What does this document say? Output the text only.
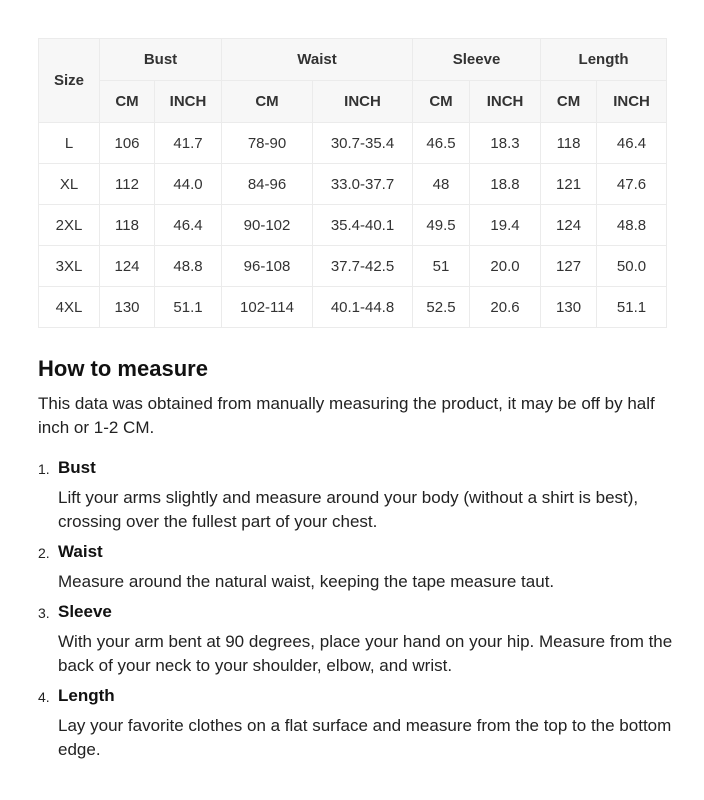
Size	Bust		Waist		Sleeve		Length	
	CM	INCH	CM	INCH	CM	INCH	CM	INCH
L	106	41.7	78-90	30.7-35.4	46.5	18.3	118	46.4
XL	112	44.0	84-96	33.0-37.7	48	18.8	121	47.6
2XL	118	46.4	90-102	35.4-40.1	49.5	19.4	124	48.8
3XL	124	48.8	96-108	37.7-42.5	51	20.0	127	50.0
4XL	130	51.1	102-114	40.1-44.8	52.5	20.6	130	51.1
How to measure

This data was obtained from manually measuring the product, it may be off by half inch or 1-2 CM.

1. Bust
Lift your arms slightly and measure around your body (without a shirt is best), crossing over the fullest part of your chest.
2. Waist
Measure around the natural waist, keeping the tape measure taut.
3. Sleeve
With your arm bent at 90 degrees, place your hand on your hip. Measure from the back of your neck to your shoulder, elbow, and wrist.
4. Length
Lay your favorite clothes on a flat surface and measure from the top to the bottom edge.
